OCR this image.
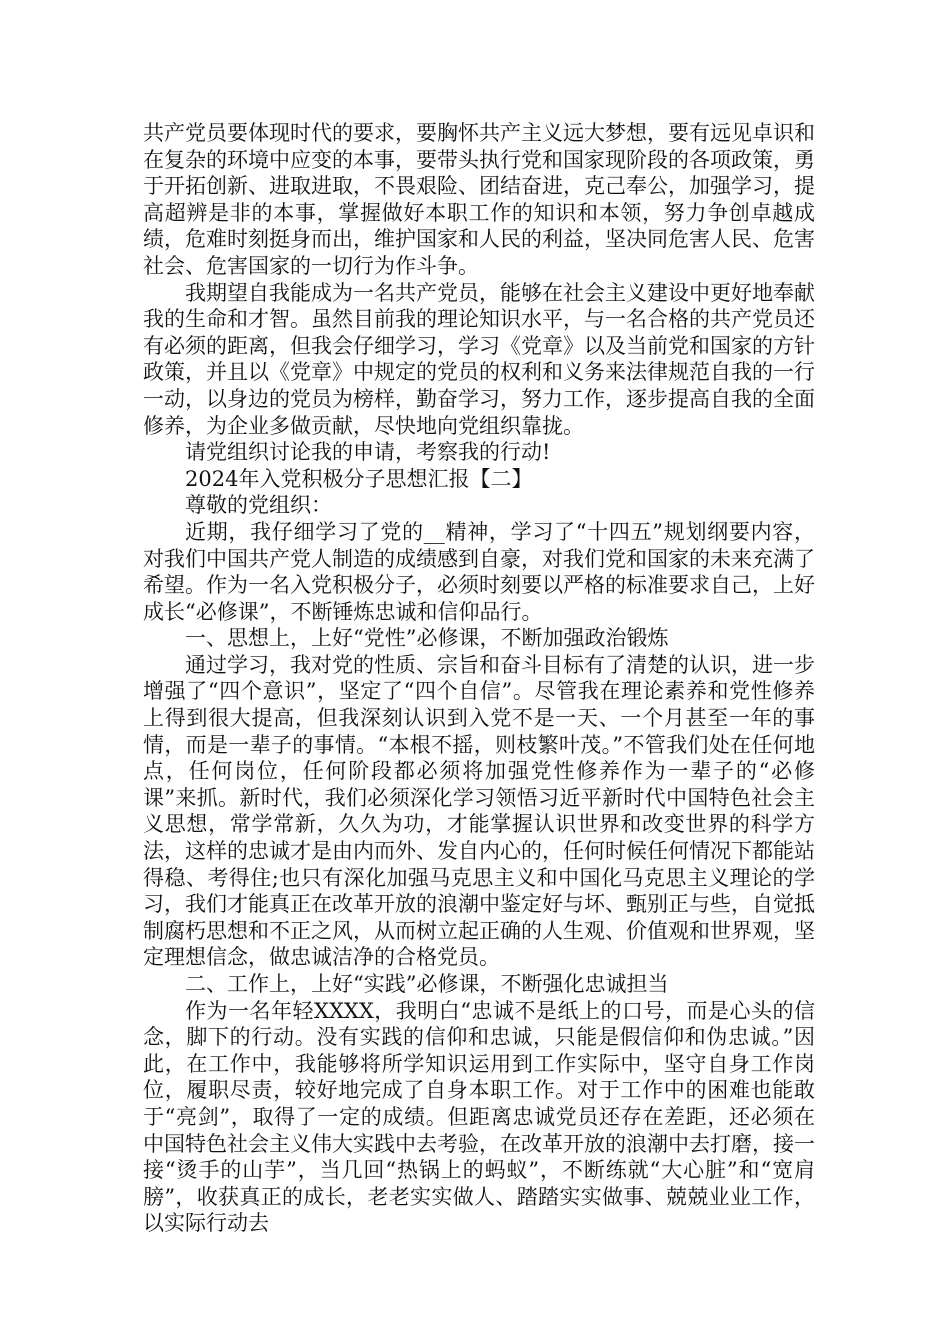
共产党员要体现时代的要求，要胸怀共产主义远大梦想，要有远见卓识和在复杂的环境中应变的本事，要带头执行党和国家现阶段的各项政策，勇于开拓创新、进取进取，不畏艰险、团结奋进，克己奉公，加强学习，提高超辨是非的本事，掌握做好本职工作的知识和本领，努力争创卓越成绩，危难时刻挺身而出，维护国家和人民的利益，坚决同危害人民、危害社会、危害国家的一切行为作斗争。

我期望自我能成为一名共产党员，能够在社会主义建设中更好地奉献我的生命和才智。虽然目前我的理论知识水平，与一名合格的共产党员还有必须的距离，但我会仔细学习，学习《党章》以及当前党和国家的方针政策，并且以《党章》中规定的党员的权利和义务来法律规范自我的一行一动，以身边的党员为榜样，勤奋学习，努力工作，逐步提高自我的全面修养，为企业多做贡献，尽快地向党组织靠拢。

请党组织讨论我的申请，考察我的行动!

2024年入党积极分子思想汇报【二】

尊敬的党组织：

近期，我仔细学习了党的__精神，学习了“十四五”规划纲要内容，对我们中国共产党人制造的成绩感到自豪，对我们党和国家的未来充满了希望。作为一名入党积极分子，必须时刻要以严格的标准要求自己，上好成长“必修课”，不断锤炼忠诚和信仰品行。

一、思想上，上好“党性”必修课，不断加强政治锻炼

通过学习，我对党的性质、宗旨和奋斗目标有了清楚的认识，进一步增强了“四个意识”，坚定了“四个自信”。尽管我在理论素养和党性修养上得到很大提高，但我深刻认识到入党不是一天、一个月甚至一年的事情，而是一辈子的事情。“本根不摇，则枝繁叶茂。”不管我们处在任何地点，任何岗位，任何阶段都必须将加强党性修养作为一辈子的“必修课”来抓。新时代，我们必须深化学习领悟习近平新时代中国特色社会主义思想，常学常新，久久为功，才能掌握认识世界和改变世界的科学方法，这样的忠诚才是由内而外、发自内心的，任何时候任何情况下都能站得稳、考得住;也只有深化加强马克思主义和中国化马克思主义理论的学习，我们才能真正在改革开放的浪潮中鉴定好与坏、甄别正与些，自觉抵制腐朽思想和不正之风，从而树立起正确的人生观、价值观和世界观，坚定理想信念，做忠诚洁净的合格党员。

二、工作上，上好“实践”必修课，不断强化忠诚担当

作为一名年轻XXXX，我明白“忠诚不是纸上的口号，而是心头的信念，脚下的行动。没有实践的信仰和忠诚，只能是假信仰和伪忠诚。”因此，在工作中，我能够将所学知识运用到工作实际中，坚守自身工作岗位，履职尽责，较好地完成了自身本职工作。对于工作中的困难也能敢于“亮剑”，取得了一定的成绩。但距离忠诚党员还存在差距，还必须在中国特色社会主义伟大实践中去考验，在改革开放的浪潮中去打磨，接一接“烫手的山芋”，当几回“热锅上的蚂蚁”，不断练就“大心脏”和“宽肩膀”，收获真正的成长，老老实实做人、踏踏实实做事、兢兢业业工作，以实际行动去
